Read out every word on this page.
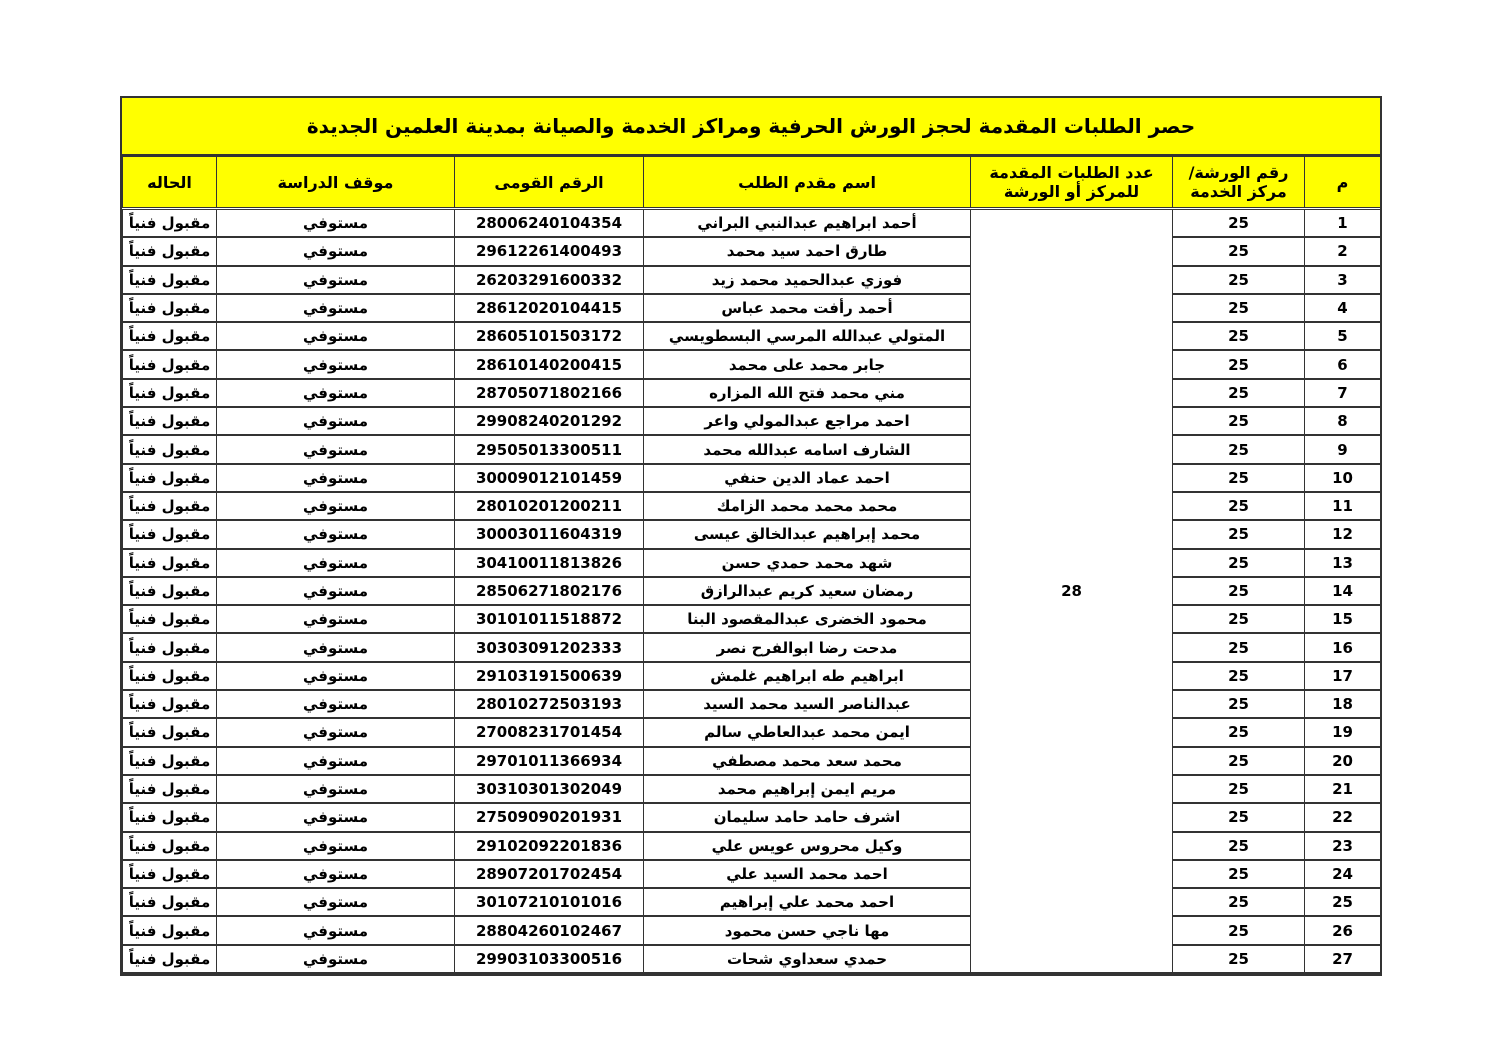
حصر الطلبات المقدمة لحجز الورش الحرفية ومراكز الخدمة والصيانة بمدينة العلمين الجديدة
م	رقم الورشة/ مركز الخدمة	عدد الطلبات المقدمة للمركز أو الورشة	اسم مقدم الطلب	الرقم القومى	موقف الدراسة	الحاله
1	25	28	أحمد ابراهيم عبدالنبي البراني	28006240104354	مستوفي	مقبول فنياً
2	25		طارق احمد سيد محمد	29612261400493	مستوفي	مقبول فنياً
3	25		فوزي عبدالحميد محمد زيد	26203291600332	مستوفي	مقبول فنياً
4	25		أحمد رأفت محمد عباس	28612020104415	مستوفي	مقبول فنياً
5	25		المتولي عبدالله المرسي البسطويسي	28605101503172	مستوفي	مقبول فنياً
6	25		جابر محمد على محمد	28610140200415	مستوفي	مقبول فنياً
7	25		مني محمد فتح الله المزاره	28705071802166	مستوفي	مقبول فنياً
8	25		احمد مراجع عبدالمولي واعر	29908240201292	مستوفي	مقبول فنياً
9	25		الشارف اسامه عبدالله محمد	29505013300511	مستوفي	مقبول فنياً
10	25		احمد عماد الدين حنفي	30009012101459	مستوفي	مقبول فنياً
11	25		محمد محمد محمد الزامك	28010201200211	مستوفي	مقبول فنياً
12	25		محمد إبراهيم عبدالخالق عيسى	30003011604319	مستوفي	مقبول فنياً
13	25		شهد محمد حمدي حسن	30410011813826	مستوفي	مقبول فنياً
14	25		رمضان سعيد كريم عبدالرازق	28506271802176	مستوفي	مقبول فنياً
15	25		محمود الخضرى عبدالمقصود البنا	30101011518872	مستوفي	مقبول فنياً
16	25		مدحت رضا ابوالفرح نصر	30303091202333	مستوفي	مقبول فنياً
17	25		ابراهيم طه ابراهيم غلمش	29103191500639	مستوفي	مقبول فنياً
18	25		عبدالناصر السيد محمد السيد	28010272503193	مستوفي	مقبول فنياً
19	25		ايمن محمد عبدالعاطي سالم	27008231701454	مستوفي	مقبول فنياً
20	25		محمد سعد محمد مصطفي	29701011366934	مستوفي	مقبول فنياً
21	25		مريم ايمن إبراهيم محمد	30310301302049	مستوفي	مقبول فنياً
22	25		اشرف حامد حامد سليمان	27509090201931	مستوفي	مقبول فنياً
23	25		وكيل محروس عويس علي	29102092201836	مستوفي	مقبول فنياً
24	25		احمد محمد السيد علي	28907201702454	مستوفي	مقبول فنياً
25	25		احمد محمد علي إبراهيم	30107210101016	مستوفي	مقبول فنياً
26	25		مها ناجي حسن محمود	28804260102467	مستوفي	مقبول فنياً
27	25		حمدي سعداوي شحات	29903103300516	مستوفي	مقبول فنياً
